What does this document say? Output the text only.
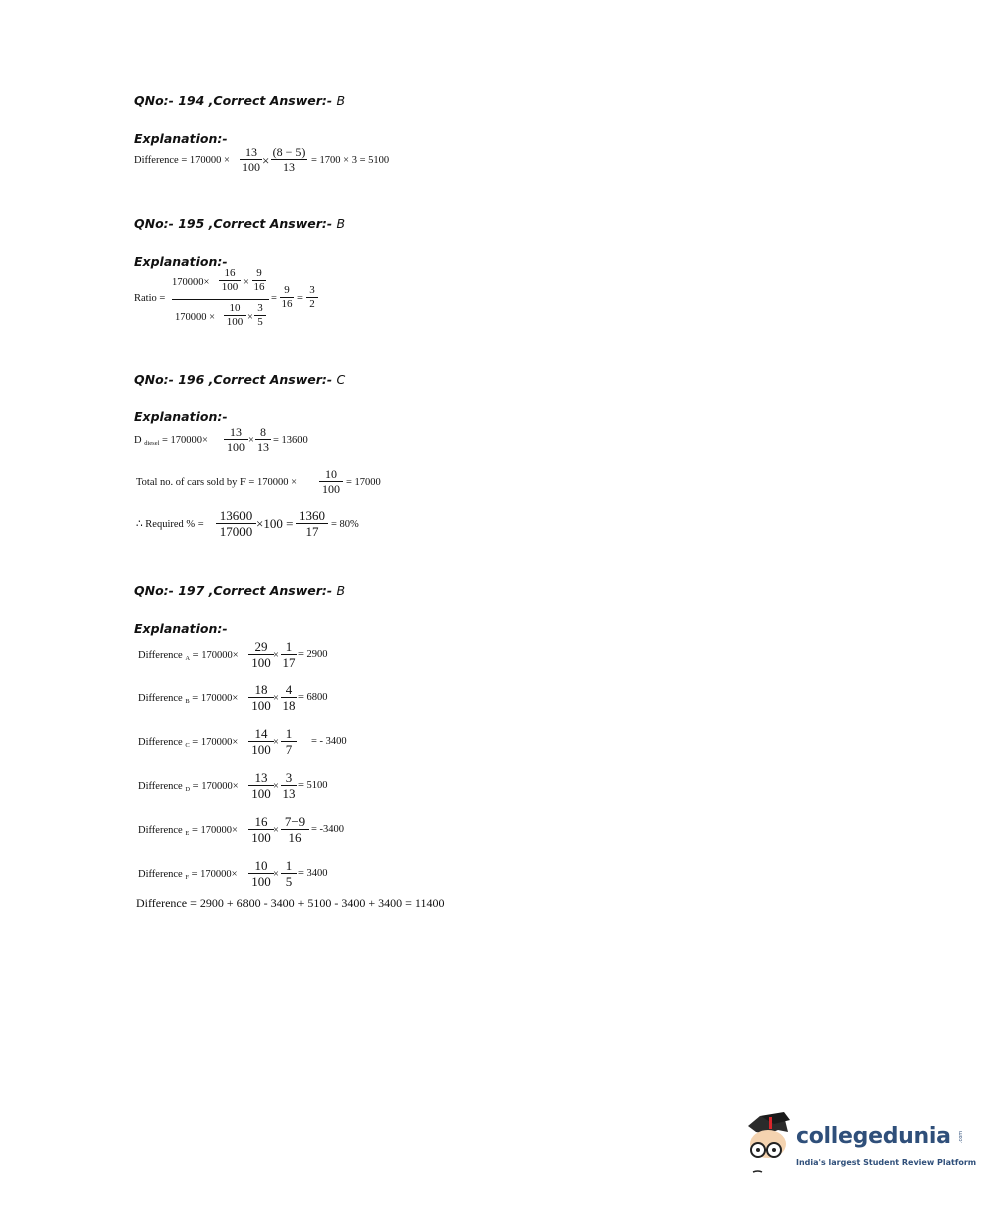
QNo:- 194 ,Correct Answer:- B
Explanation:-
Difference = 170000 ×
13
100 ×
(8 − 5)
13	= 1700 × 3 = 5100
QNo:- 195 ,Correct Answer:- B
Explanation:-
Ratio =
170000×
16
100 ×
9
16
170000 ×
10
100 ×
3
5
=
9
16 =
3
2
QNo:- 196 ,Correct Answer:- C
Explanation:-
D $_{diesel}$ = 170000×
13
100 ×
8
13 = 13600
Total no. of cars sold by F = 170000 ×
10
100 = 17000
∴ Required % =
13600
17000
×100 =
1360
17	= 80%
QNo:- 197 ,Correct Answer:- B
Explanation:-
Difference $_A$ = 170000×
29
100 ×
1
17
= 2900
Difference $_B$ = 170000×
18
100 ×
4
18
= 6800
Difference $_C$ = 170000×
14
100 ×
1
7
= - 3400
Difference $_D$ = 170000×
13
100 ×
3
13
= 5100
Difference $_E$ = 170000×
16
100 ×
7−9
16
= -3400
Difference $_F$ = 170000×
10
100 ×
1
5
= 3400
Difference = 2900 + 6800 - 3400 + 5100 - 3400 + 3400 = 11400
collegedunia .com
India's largest Student Review Platform
